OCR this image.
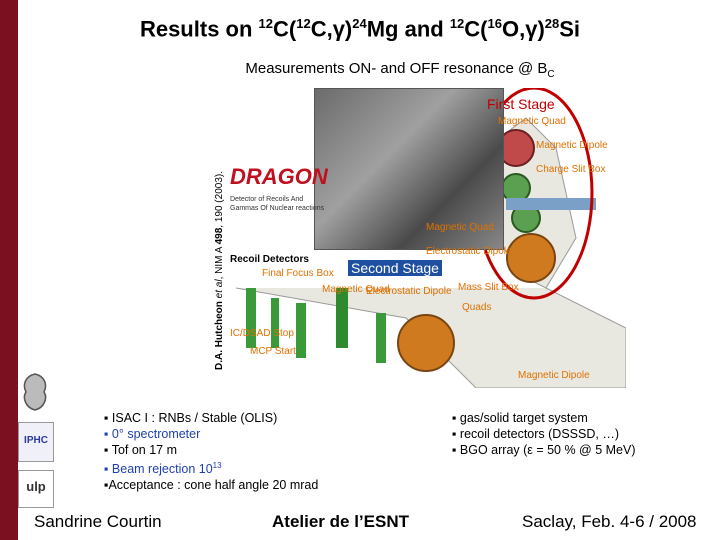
Results on $^{12}C(^{12}C,\gamma)^{24}Mg$ and $^{12}C(^{16}O,\gamma)^{28}Si$
Measurements ON- and OFF resonance @ $B_C$
D.A. Hutcheon et al, NIM A 498, 190 (2003).
First Stage
Second Stage
DRAGON
Detector of Recoils And
Gammas Of Nuclear reactions
Magnetic Quad
Magnetic Dipole
Charge Slit Box
Magnetic Quad
Electrostatic Dipole
Recoil Detectors
Final Focus Box
Magnetic Quad
Electrostatic Dipole Mass Slit Box
Quads
IC/DSAD Stop
MCP Start
Magnetic Dipole
IPHC
ulp
▪ ISAC I : RNBs / Stable (OLIS)
▪ 0° spectrometer
▪ Tof on 17 m
▪ Beam rejection $10^{13}$
▪Acceptance : cone half angle 20 mrad
▪ gas/solid target system
▪ recoil detectors (DSSSD, …)
▪ BGO array (ε = 50 % @ 5 MeV)
Sandrine Courtin	Atelier de l’ESNT	Saclay, Feb. 4-6 / 2008
